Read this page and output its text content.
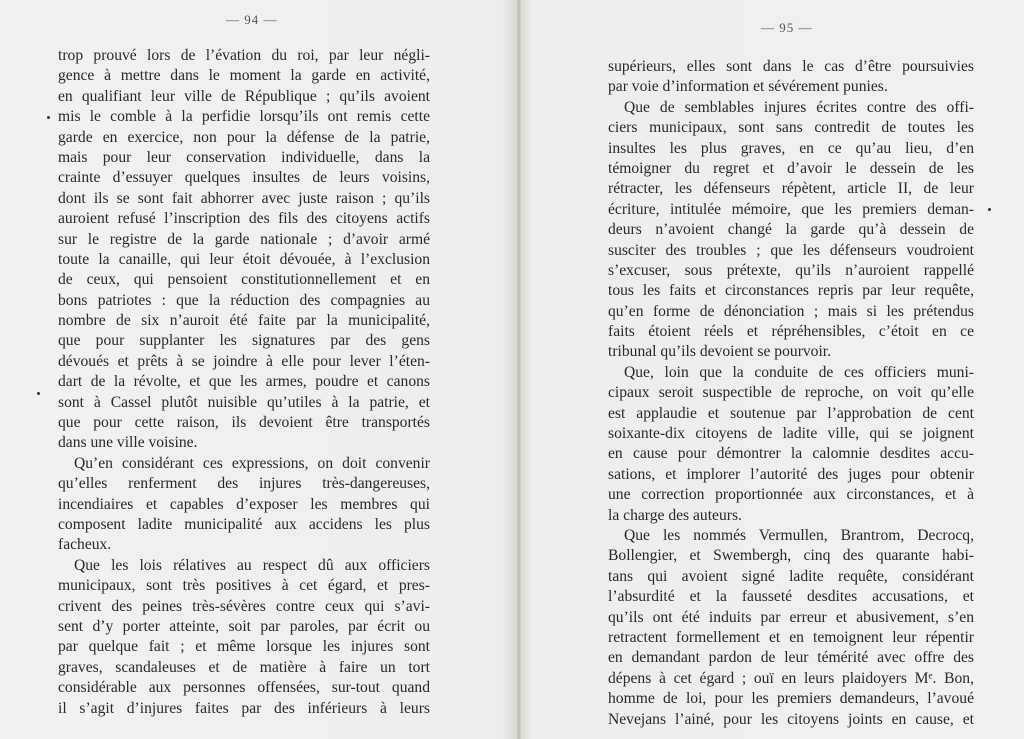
— 94 —
trop prouvé lors de l’évation du roi, par leur négli-
gence à mettre dans le moment la garde en activité,
en qualifiant leur ville de République ; qu’ils avoient
mis le comble à la perfidie lorsqu’ils ont remis cette
garde en exercice, non pour la défense de la patrie,
mais pour leur conservation individuelle, dans la
crainte d’essuyer quelques insultes de leurs voisins,
dont ils se sont fait abhorrer avec juste raison ; qu’ils
auroient refusé l’inscription des fils des citoyens actifs
sur le registre de la garde nationale ; d’avoir armé
toute la canaille, qui leur étoit dévouée, à l’exclusion
de ceux, qui pensoient constitutionnellement et en
bons patriotes : que la réduction des compagnies au
nombre de six n’auroit été faite par la municipalité,
que pour supplanter les signatures par des gens
dévoués et prêts à se joindre à elle pour lever l’éten-
dart de la révolte, et que les armes, poudre et canons
sont à Cassel plutôt nuisible qu’utiles à la patrie, et
que pour cette raison, ils devoient être transportés
dans une ville voisine.
Qu’en considérant ces expressions, on doit convenir
qu’elles renferment des injures très-dangereuses,
incendiaires et capables d’exposer les membres qui
composent ladite municipalité aux accidens les plus
facheux.
Que les lois rélatives au respect dû aux officiers
municipaux, sont très positives à cet égard, et pres-
crivent des peines très-sévères contre ceux qui s’avi-
sent d’y porter atteinte, soit par paroles, par écrit ou
par quelque fait ; et même lorsque les injures sont
graves, scandaleuses et de matière à faire un tort
considérable aux personnes offensées, sur-tout quand
il s’agit d’injures faites par des inférieurs à leurs
— 95 —
supérieurs, elles sont dans le cas d’être poursuivies
par voie d’information et sévérement punies.
Que de semblables injures écrites contre des offi-
ciers municipaux, sont sans contredit de toutes les
insultes les plus graves, en ce qu’au lieu, d’en
témoigner du regret et d’avoir le dessein de les
rétracter, les défenseurs répètent, article II, de leur
écriture, intitulée mémoire, que les premiers deman-
deurs n’avoient changé la garde qu’à dessein de
susciter des troubles ; que les défenseurs voudroient
s’excuser, sous prétexte, qu’ils n’auroient rappellé
tous les faits et circonstances repris par leur requête,
qu’en forme de dénonciation ; mais si les prétendus
faits étoient réels et répréhensibles, c’étoit en ce
tribunal qu’ils devoient se pourvoir.
Que, loin que la conduite de ces officiers muni-
cipaux seroit suspectible de reproche, on voit qu’elle
est applaudie et soutenue par l’approbation de cent
soixante-dix citoyens de ladite ville, qui se joignent
en cause pour démontrer la calomnie desdites accu-
sations, et implorer l’autorité des juges pour obtenir
une correction proportionnée aux circonstances, et à
la charge des auteurs.
Que les nommés Vermullen, Brantrom, Decrocq,
Bollengier, et Swembergh, cinq des quarante habi-
tans qui avoient signé ladite requête, considérant
l’absurdité et la fausseté desdites accusations, et
qu’ils ont été induits par erreur et abusivement, s’en
retractent formellement et en temoignent leur répentir
en demandant pardon de leur témérité avec offre des
dépens à cet égard ; ouï en leurs plaidoyers Mᵉ. Bon,
homme de loi, pour les premiers demandeurs, l’avoué
Nevejans l’ainé, pour les citoyens joints en cause, et
